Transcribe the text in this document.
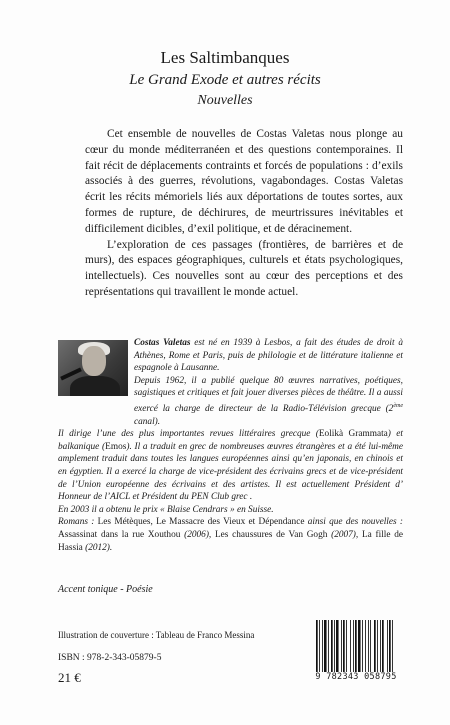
Les Saltimbanques
Le Grand Exode et autres récits
Nouvelles

Cet ensemble de nouvelles de Costas Valetas nous plonge au cœur du monde méditerranéen et des questions contemporaines. Il fait récit de déplacements contraints et forcés de populations : d’exils associés à des guerres, révolutions, vagabondages. Costas Valetas écrit les récits mémoriels liés aux déportations de toutes sortes, aux formes de rupture, de déchirures, de meurtrissures inévitables et difficilement dicibles, d’exil politique, et de déracinement.

L’exploration de ces passages (frontières, de barrières et de murs), des espaces géographiques, culturels et états psychologiques, intellectuels). Ces nouvelles sont au cœur des perceptions et des représentations qui travaillent le monde actuel.

Costas Valetas est né en 1939 à Lesbos, a fait des études de droit à Athènes, Rome et Paris, puis de philologie et de littérature italienne et espagnole à Lausanne.

Depuis 1962, il a publié quelque 80 œuvres narratives, poétiques, sagistiques et critiques et fait jouer diverses pièces de théâtre. Il a aussi exercé la charge de directeur de la Radio-Télévision grecque (2ème canal).

Il dirige l’une des plus importantes revues littéraires grecque (Eolikà Grammata) et balkanique (Emos). Il a traduit en grec de nombreuses œuvres étrangères et a été lui-même amplement traduit dans toutes les langues européennes ainsi qu’en japonais, en chinois et en égyptien. Il a exercé la charge de vice-président des écrivains grecs et de vice-président de l’Union européenne des écrivains et des artistes. Il est actuellement Président d’ Honneur de l’AICL et Président du PEN Club grec .

En 2003 il a obtenu le prix « Blaise Cendrars » en Suisse.

Romans : Les Métèques, Le Massacre des Vieux et Dépendance ainsi que des nouvelles : Assassinat dans la rue Xouthou (2006), Les chaussures de Van Gogh (2007), La fille de Hassia (2012).

Accent tonique - Poésie
Illustration de couverture : Tableau de Franco Messina
ISBN : 978-2-343-05879-5
21 €	9 782343 058795
